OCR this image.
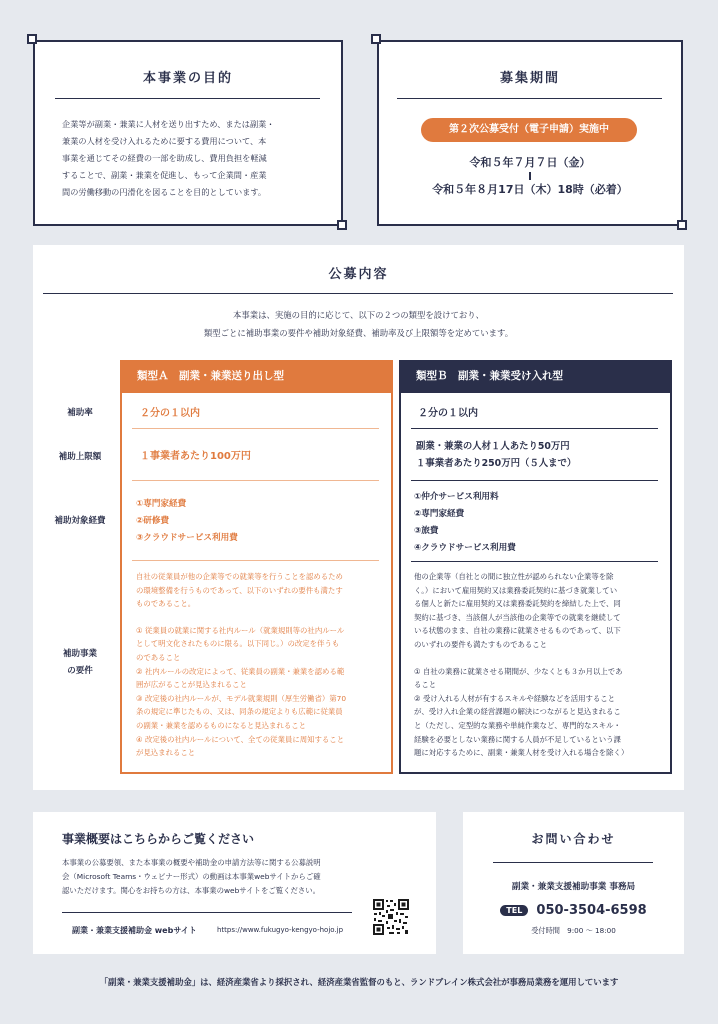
本事業の目的
企業等が副業・兼業に人材を送り出すため、または副業・
兼業の人材を受け入れるために要する費用について、本
事業を通じてその経費の一部を助成し、費用負担を軽減
することで、副業・兼業を促進し、もって企業間・産業
間の労働移動の円滑化を図ることを目的としています。
募集期間
第２次公募受付（電子申請）実施中
令和５年７月７日（金）
令和５年８月17日（木）18時（必着）
公募内容
本事業は、実施の目的に応じて、以下の２つの類型を設けており、
類型ごとに補助事業の要件や補助対象経費、補助率及び上限額等を定めています。
補助率
補助上限額
補助対象経費
補助事業
の要件
類型Ａ　副業・兼業送り出し型
２分の１以内
１事業者あたり100万円
①専門家経費
②研修費
③クラウドサービス利用費
自社の従業員が他の企業等での就業等を行うことを認めるため
の環境整備を行うものであって、以下のいずれの要件も満たす
ものであること。
① 従業員の就業に関する社内ルール（就業規則等の社内ルール
として明文化されたものに限る。以下同じ。）の改定を伴うも
のであること
② 社内ルールの改定によって、従業員の副業・兼業を認める範
囲が広がることが見込まれること
③ 改定後の社内ルールが、モデル就業規則（厚生労働省）第70
条の規定に準じたもの、又は、同条の規定よりも広範に従業員
の副業・兼業を認めるものになると見込まれること
④ 改定後の社内ルールについて、全ての従業員に周知すること
が見込まれること
類型Ｂ　副業・兼業受け入れ型
２分の１以内
副業・兼業の人材１人あたり50万円
１事業者あたり250万円（５人まで）
①仲介サービス利用料
②専門家経費
③旅費
④クラウドサービス利用費
他の企業等（自社との間に独立性が認められない企業等を除
く。）において雇用契約又は業務委託契約に基づき就業してい
る個人と新たに雇用契約又は業務委託契約を締結した上で、同
契約に基づき、当該個人が当該他の企業等での就業を継続して
いる状態のまま、自社の業務に就業させるものであって、以下
のいずれの要件も満たすものであること
① 自社の業務に就業させる期間が、少なくとも３か月以上であ
ること
② 受け入れる人材が有するスキルや経験などを活用すること
が、受け入れ企業の経営課題の解決につながると見込まれるこ
と（ただし、定型的な業務や単純作業など、専門的なスキル・
経験を必要としない業務に関する人員が不足しているという課
題に対応するために、副業・兼業人材を受け入れる場合を除く）
事業概要はこちらからご覧ください
本事業の公募要領、また本事業の概要や補助金の申請方法等に関する公募説明
会（Microsoft Teams・ウェビナー形式）の動画は本事業webサイトからご確
認いただけます。関心をお持ちの方は、本事業のwebサイトをご覧ください。
副業・兼業支援補助金 webサイト	https://www.fukugyo-kengyo-hojo.jp
お問い合わせ
副業・兼業支援補助事業 事務局
TEL 050-3504-6598
受付時間　9:00 ～ 18:00
「副業・兼業支援補助金」は、経済産業省より採択され、経済産業省監督のもと、ランドブレイン株式会社が事務局業務を運用しています
